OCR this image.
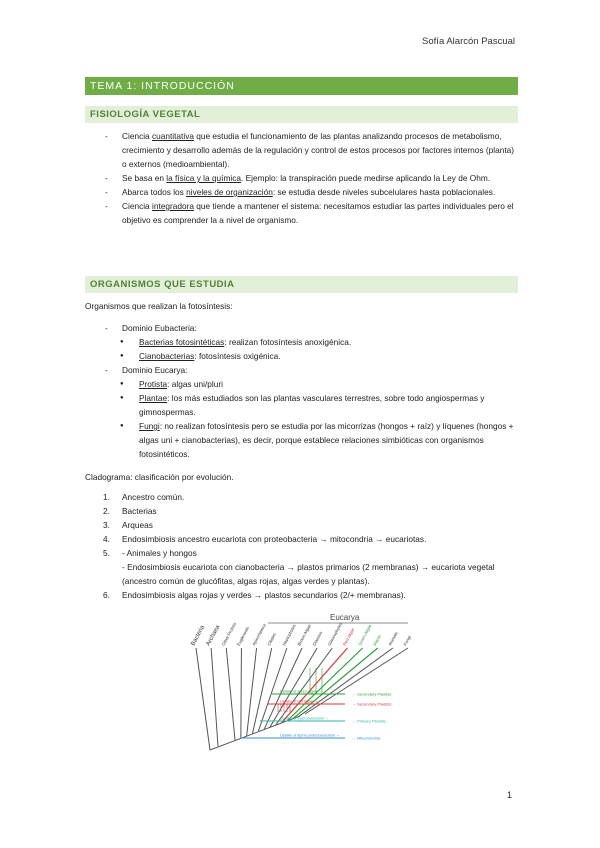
Sofía Alarcón Pascual
TEMA 1: INTRODUCCIÓN
FISIOLOGÍA VEGETAL
- Ciencia cuantitativa que estudia el funcionamiento de las plantas analizando procesos de metabolismo, crecimiento y desarrollo además de la regulación y control de estos procesos por factores internos (planta) o externos (medioambiental).
- Se basa en la física y la química. Ejemplo: la transpiración puede medirse aplicando la Ley de Ohm.
- Abarca todos los niveles de organización: se estudia desde niveles subcelulares hasta poblacionales.
- Ciencia integradora que tiende a mantener el sistema: necesitamos estudiar las partes individuales pero el objetivo es comprender la a nivel de organismo.
ORGANISMOS QUE ESTUDIA
Organismos que realizan la fotosíntesis:
- Dominio Eubacteria:
● Bacterias fotosintéticas: realizan fotosíntesis anoxigénica.
● Cianobacterias: fotosíntesis oxigénica.
- Dominio Eucarya:
● Protista: algas uni/pluri
● Plantae: los más estudiados son las plantas vasculares terrestres, sobre todo angiospermas y gimnospermas.
● Fungi: no realizan fotosíntesis pero se estudia por las micorrizas (hongos + raíz) y líquenes (hongos + algas uni + cianobacterias), es decir, porque establece relaciones simbióticas con organismos fotosintéticos.
Cladograma: clasificación por evolución.
1. Ancestro común.
2. Bacterias
3. Arqueas
4. Endosimbiosis ancestro eucariota con proteobacteria → mitocondria → eucariotas.
5. - Animales y hongos
- Endosimbiosis eucariota con cianobacteria → plastos primarios (2 membranas) → eucariota vegetal (ancestro común de glucófitas, algas rojas, algas verdes y plantas).
6. Endosimbiosis algas rojas y verdes → plastos secundarios (2/+ membranas).
Uptake of green algae →	→ Secondary Plastids
Uptake of red algae →	→ Secondary Plastids
Uptake of cyanobacterium →	→ Primary Plastids
Uptake of alpha proteobacterium →	→ Mitochondria
Bacteria Archaea Other Protists
Euglenoids Apicomplexa Ciliates Haptophytes Brown Algae Diatoms Glaucophytes
Red Algae Green Algae Plants Animals Fungi
Eucarya
1
